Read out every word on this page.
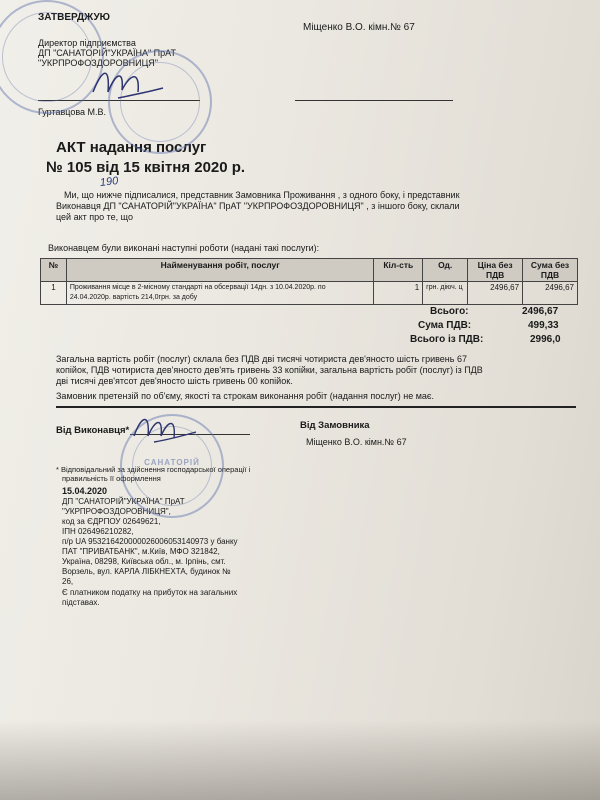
ЗАТВЕРДЖУЮ
Директор підприємства
ДП "САНАТОРІЙ"УКРАЇНА" ПрАТ
"УКРПРОФОЗДОРОВНИЦЯ"
Гуртавцова М.В.
Міщенко В.О. кімн.№ 67
АКТ надання послуг
№ 105 від 15 квітня 2020 р.
190
Ми, що нижче підписалися, представник Замовника Проживання , з одного боку, і представник
Виконавця ДП "САНАТОРІЙ"УКРАЇНА" ПрАТ "УКРПРОФОЗДОРОВНИЦЯ" , з іншого боку, склали
цей акт про те, що
Виконавцем були виконані наступні роботи (надані такі послуги):
№	Найменування робіт, послуг	Кіл-сть	Од.	Ціна без ПДВ	Сума без ПДВ
1	Проживання місце в 2-місному стандарті на обсервації 14дн. з 10.04.2020р. по
24.04.2020р. вартість 214,0грн. за добу	1	грн. діюч. ц	2496,67	2496,67
Всього:	2496,67
Сума ПДВ:	499,33
Всього із ПДВ:	2996,0
Загальна вартість робіт (послуг) склала без ПДВ дві тисячі чотириста дев'яносто шість гривень 67
копійок, ПДВ чотириста дев'яносто дев'ять гривень 33 копійки, загальна вартість робіт (послуг) із ПДВ
дві тисячі дев'ятсот дев'яносто шість гривень 00 копійок.
Замовник претензій по об'єму, якості та строкам виконання робіт (надання послуг) не має.
Від Виконавця*
* Відповідальний за здійснення господарської операції і
правильність її оформлення
15.04.2020
ДП "САНАТОРІЙ"УКРАЇНА" ПрАТ
"УКРПРОФОЗДОРОВНИЦЯ",
код за ЄДРПОУ 02649621,
ІПН 026496210282,
п/р UA 953216420000026006053140973 у банку
ПАТ "ПРИВАТБАНК", м.Київ, МФО 321842,
Україна, 08298, Київська обл., м. Ірпінь, смт.
Ворзель, вул. КАРЛА ЛІБКНЕХТА, будинок №
26,
Є платником податку на прибуток на загальних
підставах.
Від Замовника
Міщенко В.О. кімн.№ 67
САНАТОРІЙ
